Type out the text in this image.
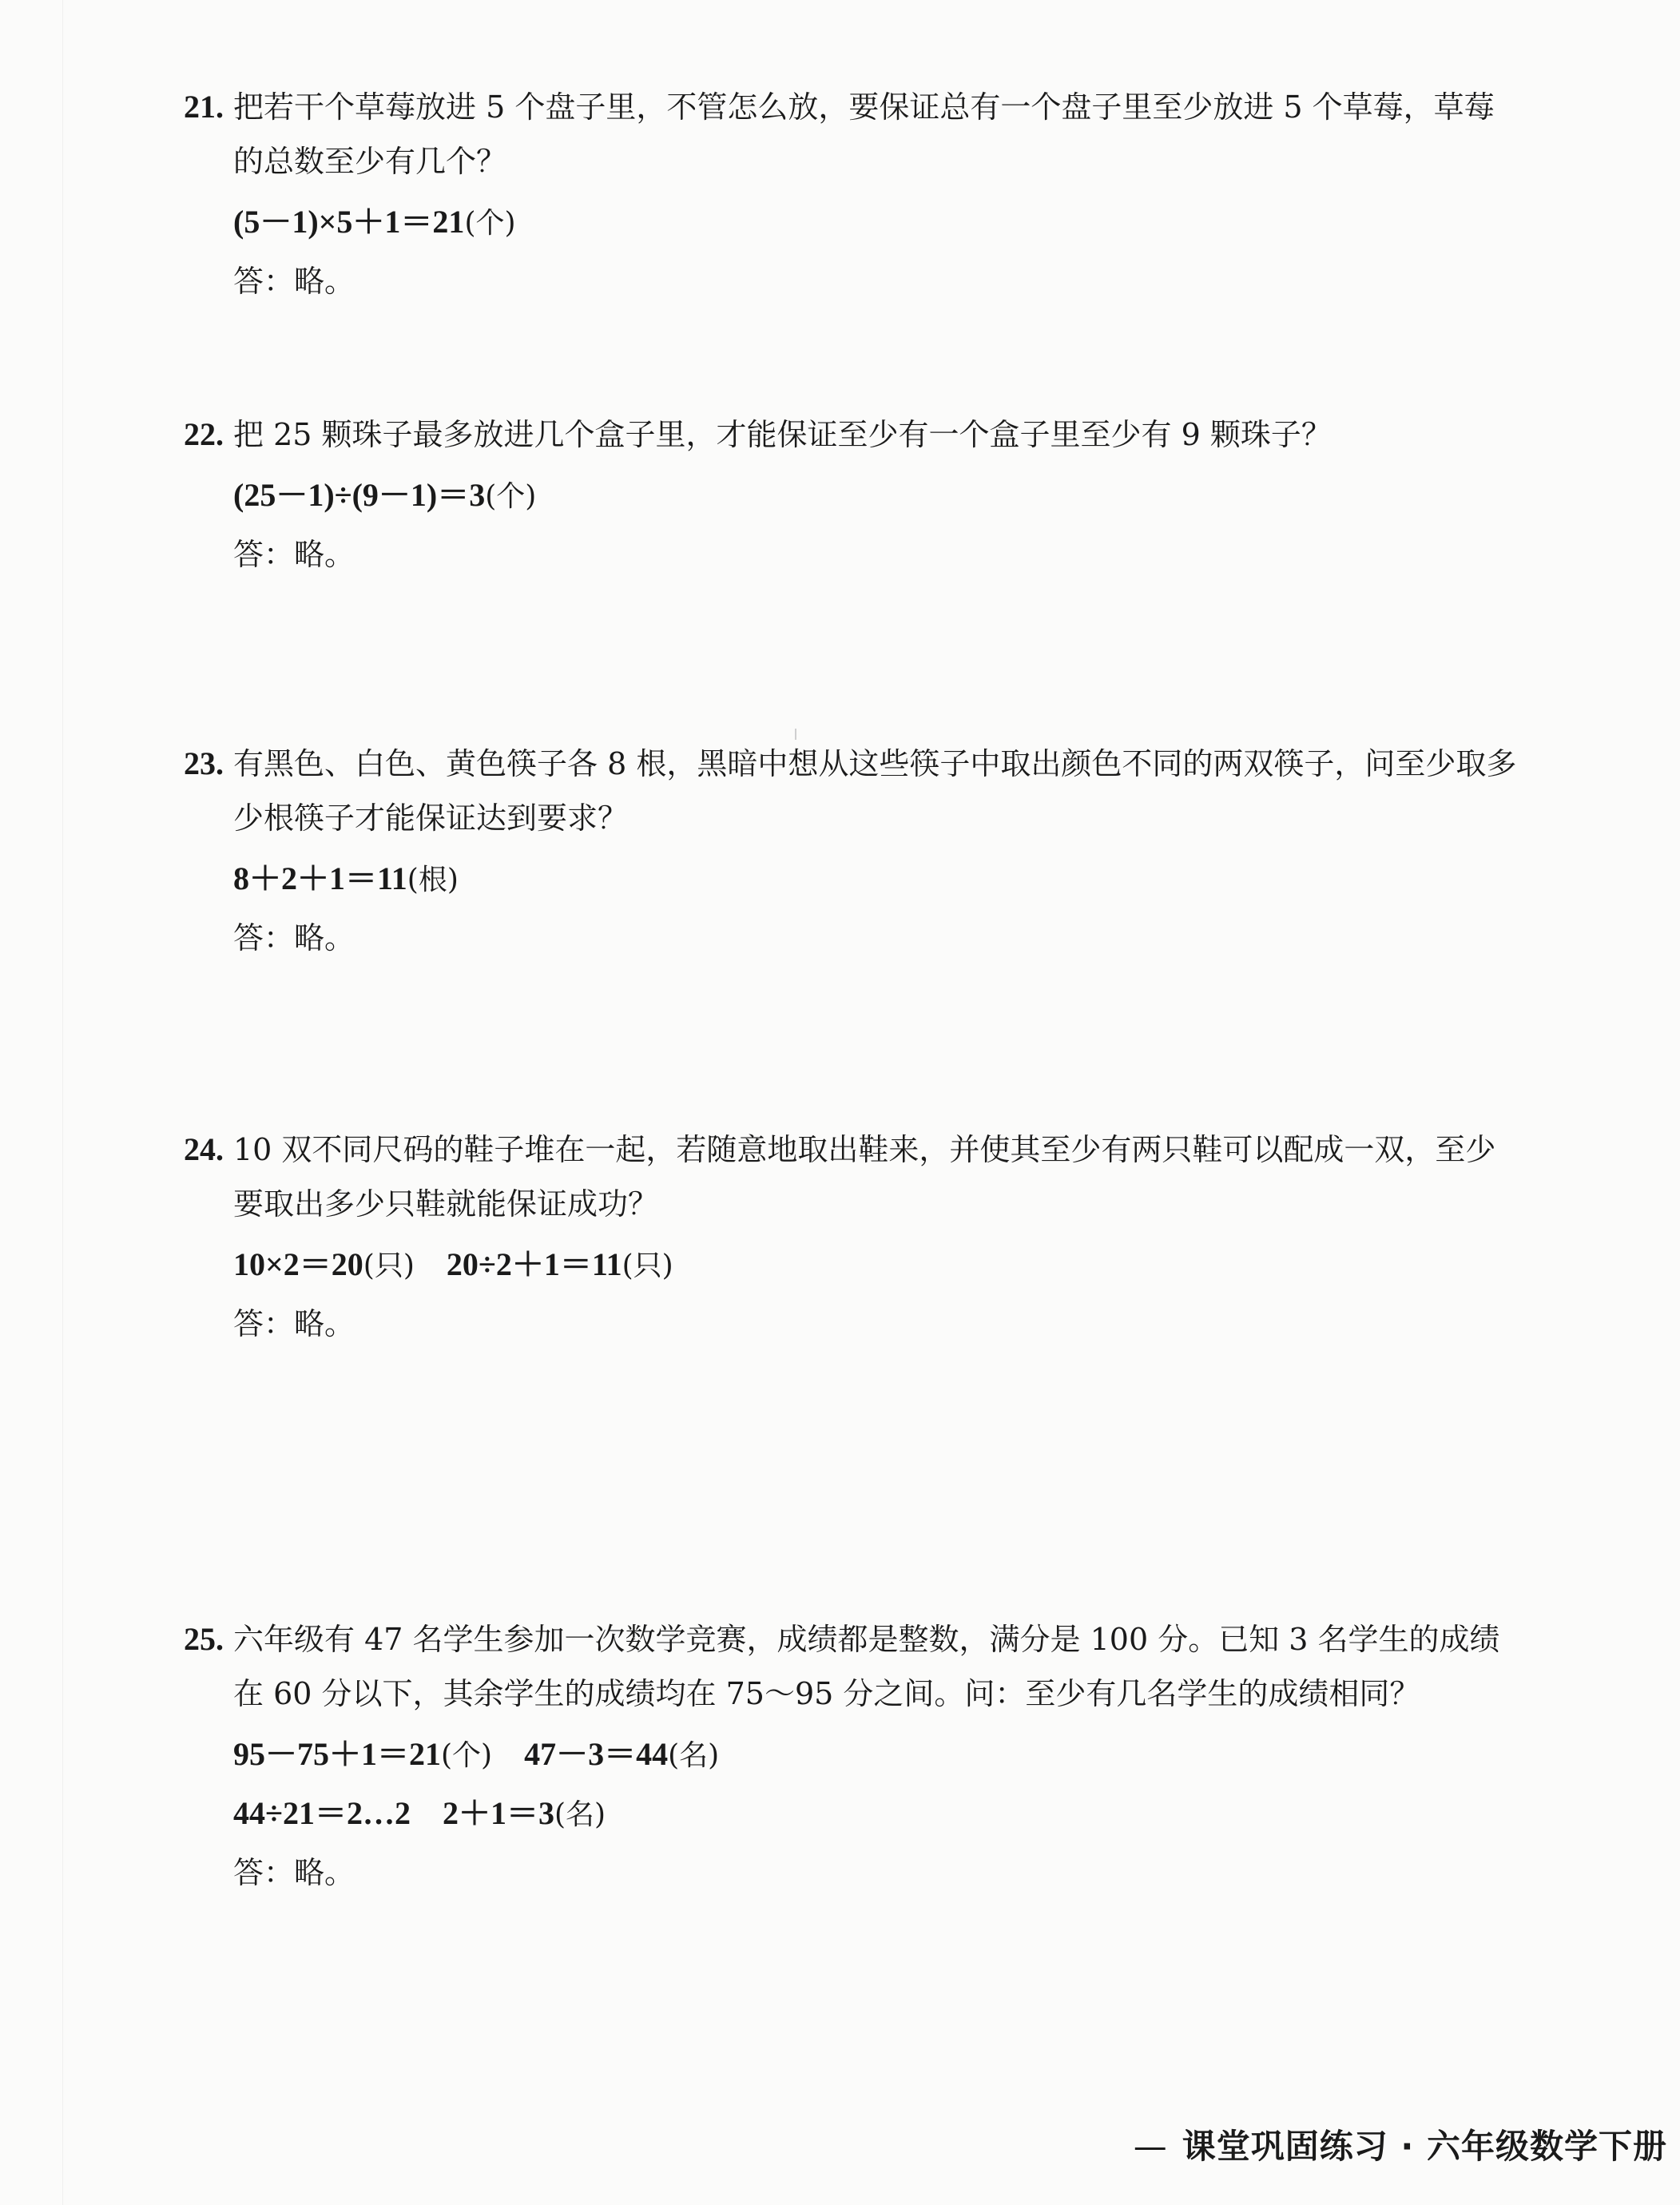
21. 把若干个草莓放进 5 个盘子里，不管怎么放，要保证总有一个盘子里至少放进 5 个草莓，草莓的总数至少有几个？
(5－1)×5＋1＝21(个)
答：略。
22. 把 25 颗珠子最多放进几个盒子里，才能保证至少有一个盒子里至少有 9 颗珠子？
(25－1)÷(9－1)＝3(个)
答：略。
23. 有黑色、白色、黄色筷子各 8 根，黑暗中想从这些筷子中取出颜色不同的两双筷子，问至少取多少根筷子才能保证达到要求？
8＋2＋1＝11(根)
答：略。
24. 10 双不同尺码的鞋子堆在一起，若随意地取出鞋来，并使其至少有两只鞋可以配成一双，至少要取出多少只鞋就能保证成功？
10×2＝20(只) 20÷2＋1＝11(只)
答：略。
25. 六年级有 47 名学生参加一次数学竞赛，成绩都是整数，满分是 100 分。已知 3 名学生的成绩在 60 分以下，其余学生的成绩均在 75～95 分之间。问：至少有几名学生的成绩相同？
95－75＋1＝21(个) 47－3＝44(名)
44÷21＝2…2 2＋1＝3(名)
答：略。
— 课堂巩固练习 · 六年级数学下册
